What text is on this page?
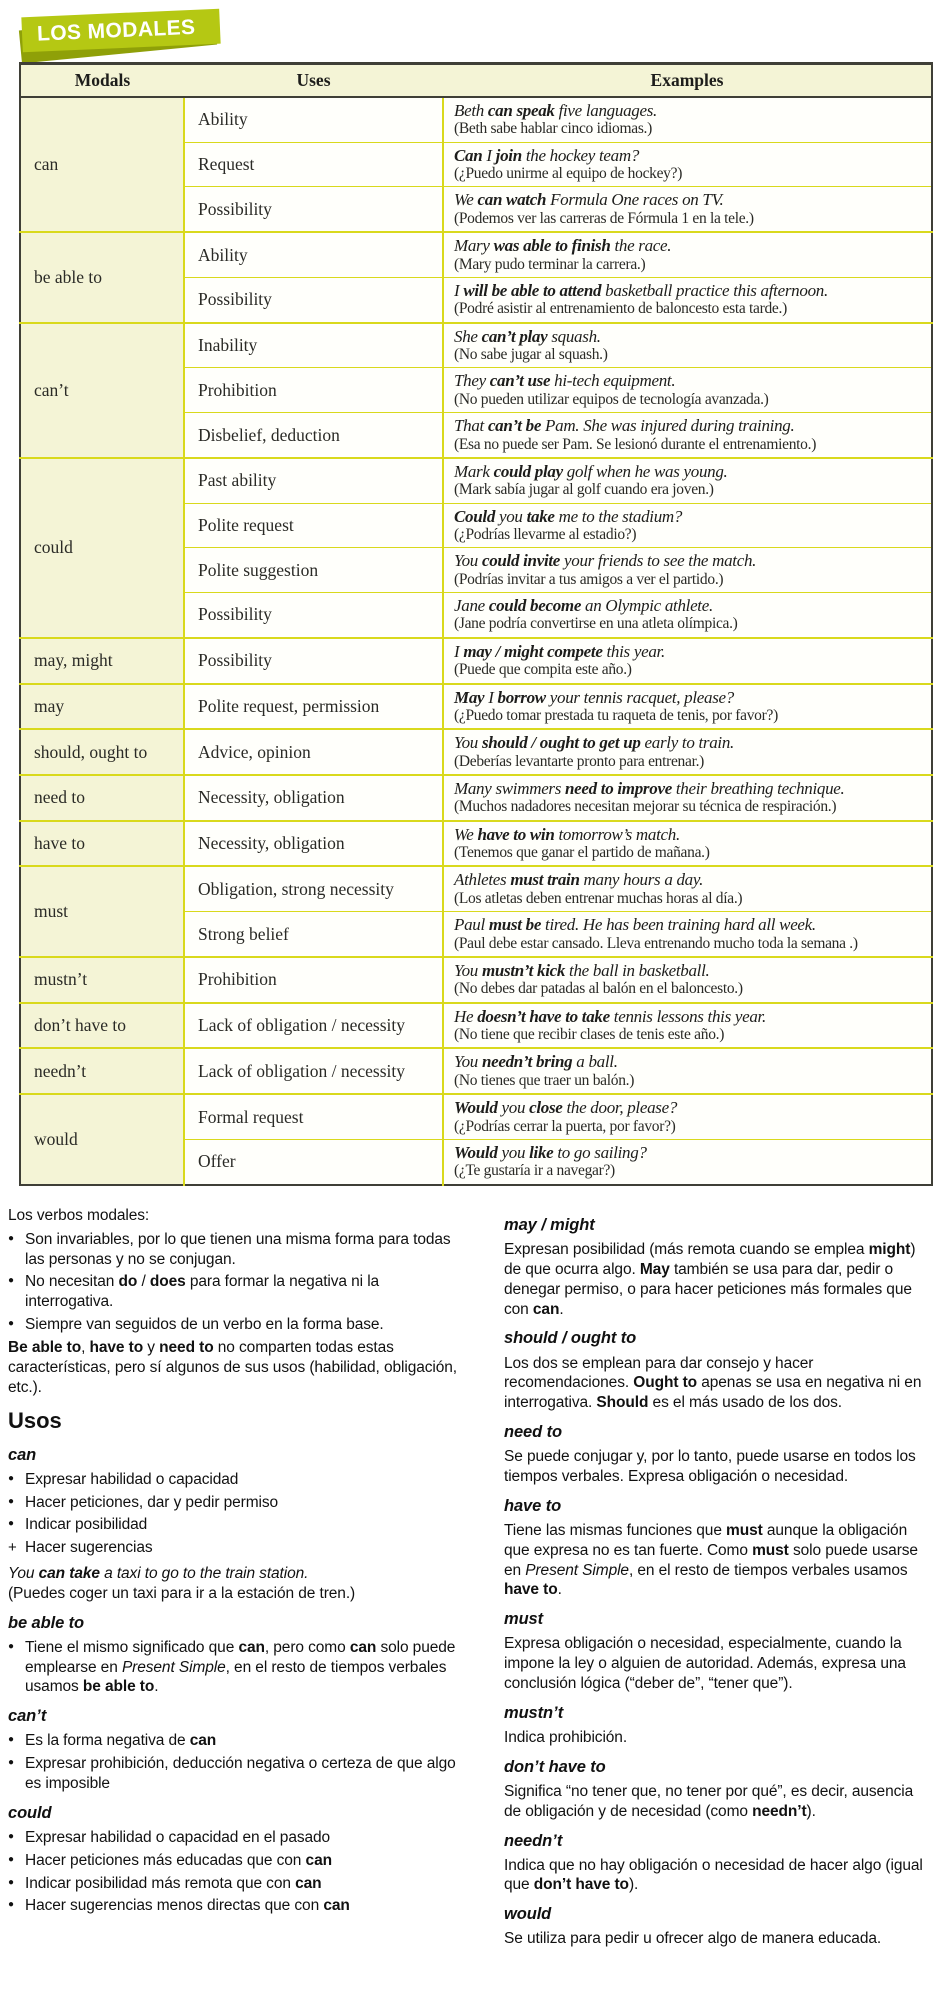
LOS MODALES
Modals	Uses	Examples
can	Ability	Beth can speak five languages.
(Beth sabe hablar cinco idiomas.)

	Request	Can I join the hockey team?
(¿Puedo unirme al equipo de hockey?)

	Possibility	We can watch Formula One races on TV.
(Podemos ver las carreras de Fórmula 1 en la tele.)

be able to	Ability	Mary was able to finish the race.
(Mary pudo terminar la carrera.)

	Possibility	I will be able to attend basketball practice this afternoon.
(Podré asistir al entrenamiento de baloncesto esta tarde.)

can’t	Inability	She can’t play squash.
(No sabe jugar al squash.)

	Prohibition	They can’t use hi-tech equipment.
(No pueden utilizar equipos de tecnología avanzada.)

	Disbelief, deduction	That can’t be Pam. She was injured during training.
(Esa no puede ser Pam. Se lesionó durante el entrenamiento.)

could	Past ability	Mark could play golf when he was young.
(Mark sabía jugar al golf cuando era joven.)

	Polite request	Could you take me to the stadium?
(¿Podrías llevarme al estadio?)

	Polite suggestion	You could invite your friends to see the match.
(Podrías invitar a tus amigos a ver el partido.)

	Possibility	Jane could become an Olympic athlete.
(Jane podría convertirse en una atleta olímpica.)

may, might	Possibility	I may / might compete this year.
(Puede que compita este año.)

may	Polite request, permission	May I borrow your tennis racquet, please?
(¿Puedo tomar prestada tu raqueta de tenis, por favor?)

should, ought to	Advice, opinion	You should / ought to get up early to train.
(Deberías levantarte pronto para entrenar.)

need to	Necessity, obligation	Many swimmers need to improve their breathing technique.
(Muchos nadadores necesitan mejorar su técnica de respiración.)

have to	Necessity, obligation	We have to win tomorrow’s match.
(Tenemos que ganar el partido de mañana.)

must	Obligation, strong necessity	Athletes must train many hours a day.
(Los atletas deben entrenar muchas horas al día.)

	Strong belief	Paul must be tired. He has been training hard all week.
(Paul debe estar cansado. Lleva entrenando mucho toda la semana .)

mustn’t	Prohibition	You mustn’t kick the ball in basketball.
(No debes dar patadas al balón en el baloncesto.)

don’t have to	Lack of obligation / necessity	He doesn’t have to take tennis lessons this year.
(No tiene que recibir clases de tenis este año.)

needn’t	Lack of obligation / necessity	You needn’t bring a ball.
(No tienes que traer un balón.)

would	Formal request	Would you close the door, please?
(¿Podrías cerrar la puerta, por favor?)

	Offer	Would you like to go sailing?
(¿Te gustaría ir a navegar?)
Los verbos modales:
● Son invariables, por lo que tienen una misma forma para todas las personas y no se conjugan.
● No necesitan do / does para formar la negativa ni la interrogativa.
● Siempre van seguidos de un verbo en la forma base.
Be able to, have to y need to no comparten todas estas características, pero sí algunos de sus usos (habilidad, obligación, etc.).
Usos
can
● Expresar habilidad o capacidad
● Hacer peticiones, dar y pedir permiso
● Indicar posibilidad
+ Hacer sugerencias
You can take a taxi to go to the train station.
(Puedes coger un taxi para ir a la estación de tren.)
be able to
● Tiene el mismo significado que can, pero como can solo puede emplearse en Present Simple, en el resto de tiempos verbales usamos be able to.
can’t
● Es la forma negativa de can
● Expresar prohibición, deducción negativa o certeza de que algo es imposible
could
● Expresar habilidad o capacidad en el pasado
● Hacer peticiones más educadas que con can
● Indicar posibilidad más remota que con can
● Hacer sugerencias menos directas que con can
may / might
Expresan posibilidad (más remota cuando se emplea might) de que ocurra algo. May también se usa para dar, pedir o denegar permiso, o para hacer peticiones más formales que con can.
should / ought to
Los dos se emplean para dar consejo y hacer recomendaciones. Ought to apenas se usa en negativa ni en interrogativa. Should es el más usado de los dos.
need to
Se puede conjugar y, por lo tanto, puede usarse en todos los tiempos verbales. Expresa obligación o necesidad.
have to
Tiene las mismas funciones que must aunque la obligación que expresa no es tan fuerte. Como must solo puede usarse en Present Simple, en el resto de tiempos verbales usamos have to.
must
Expresa obligación o necesidad, especialmente, cuando la impone la ley o alguien de autoridad. Además, expresa una conclusión lógica (“deber de”, “tener que”).
mustn’t
Indica prohibición.
don’t have to
Significa “no tener que, no tener por qué”, es decir, ausencia de obligación y de necesidad (como needn’t).
needn’t
Indica que no hay obligación o necesidad de hacer algo (igual que don’t have to).
would
Se utiliza para pedir u ofrecer algo de manera educada.
